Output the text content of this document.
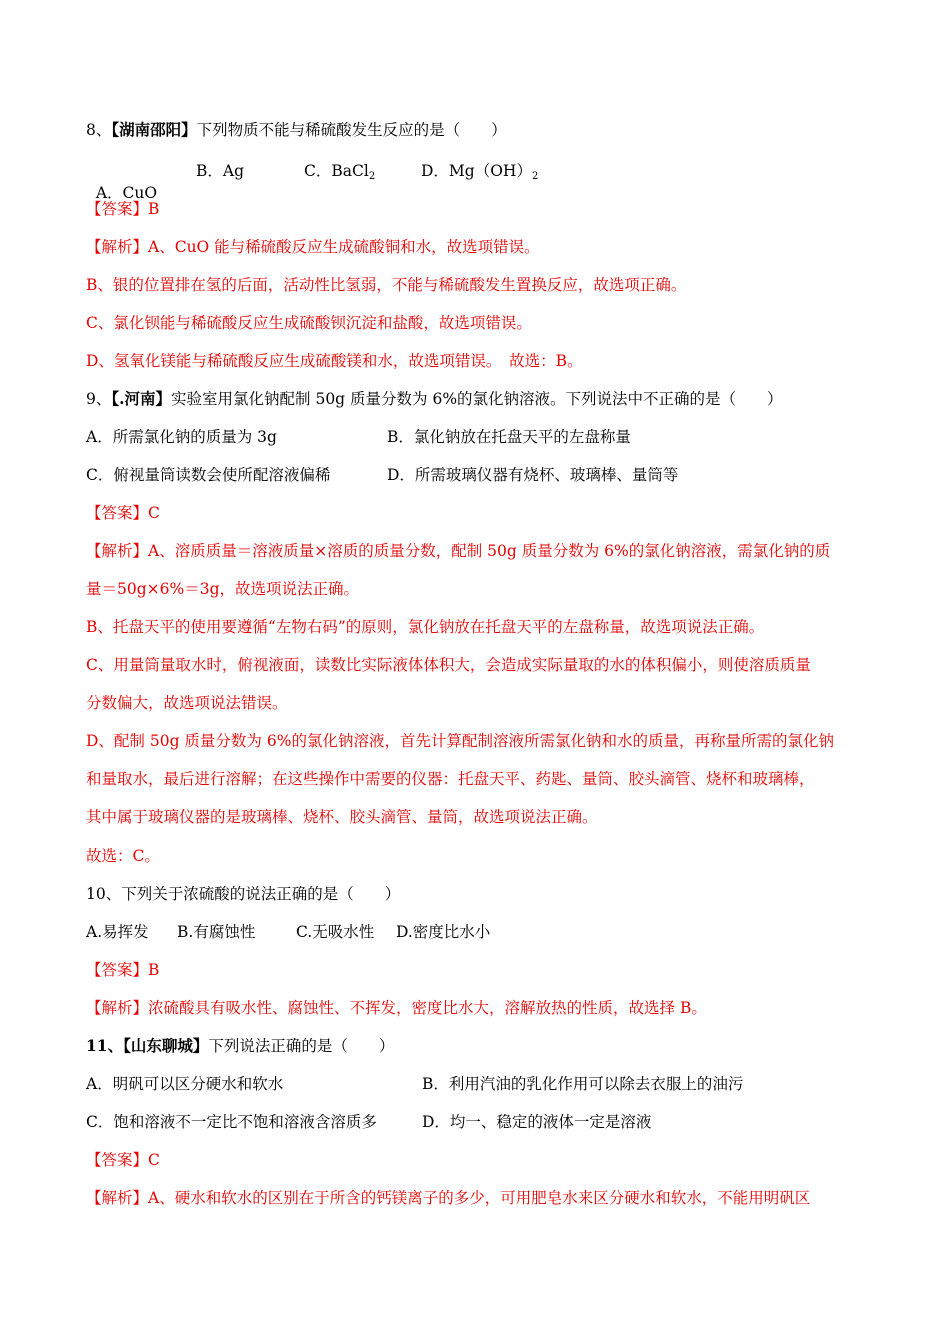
8、【湖南邵阳】下列物质不能与稀硫酸发生反应的是（　　）

A．CuO

B．Ag	C．BaCl$_2$	D．$Mg(OH)_2$
【答案】B
【解析】A、CuO 能与稀硫酸反应生成硫酸铜和水，故选项错误。
B、银的位置排在氢的后面，活动性比氢弱，不能与稀硫酸发生置换反应，故选项正确。
C、氯化钡能与稀硫酸反应生成硫酸钡沉淀和盐酸，故选项错误。
D、氢氧化镁能与稀硫酸反应生成硫酸镁和水，故选项错误。　故选：B。
9、【.河南】实验室用氯化钠配制 50g 质量分数为 6%的氯化钠溶液。下列说法中不正确的是（　　）
A．所需氯化钠的质量为 3g	B．氯化钠放在托盘天平的左盘称量
C．俯视量筒读数会使所配溶液偏稀	D．所需玻璃仪器有烧杯、玻璃棒、量筒等
【答案】C
【解析】A、溶质质量＝溶液质量×溶质的质量分数，配制 50g 质量分数为 6%的氯化钠溶液，需氯化钠的质
量＝50g×6%＝3g，故选项说法正确。
B、托盘天平的使用要遵循“左物右码”的原则，氯化钠放在托盘天平的左盘称量，故选项说法正确。
C、用量筒量取水时，俯视液面，读数比实际液体体积大，会造成实际量取的水的体积偏小，则使溶质质量
分数偏大，故选项说法错误。
D、配制 50g 质量分数为 6%的氯化钠溶液，首先计算配制溶液所需氯化钠和水的质量，再称量所需的氯化钠
和量取水，最后进行溶解；在这些操作中需要的仪器：托盘天平、药匙、量筒、胶头滴管、烧杯和玻璃棒，
其中属于玻璃仪器的是玻璃棒、烧杯、胶头滴管、量筒，故选项说法正确。
故选：C。
10、下列关于浓硫酸的说法正确的是（　　）
A.易挥发 B.有腐蚀性	C.无吸水性 D.密度比水小
【答案】B
【解析】浓硫酸具有吸水性、腐蚀性、不挥发，密度比水大，溶解放热的性质，故选择 B。
11、【山东聊城】下列说法正确的是（　　）
A．明矾可以区分硬水和软水	B．利用汽油的乳化作用可以除去衣服上的油污
C．饱和溶液不一定比不饱和溶液含溶质多	D．均一、稳定的液体一定是溶液
【答案】C
【解析】A、硬水和软水的区别在于所含的钙镁离子的多少，可用肥皂水来区分硬水和软水，不能用明矾区
